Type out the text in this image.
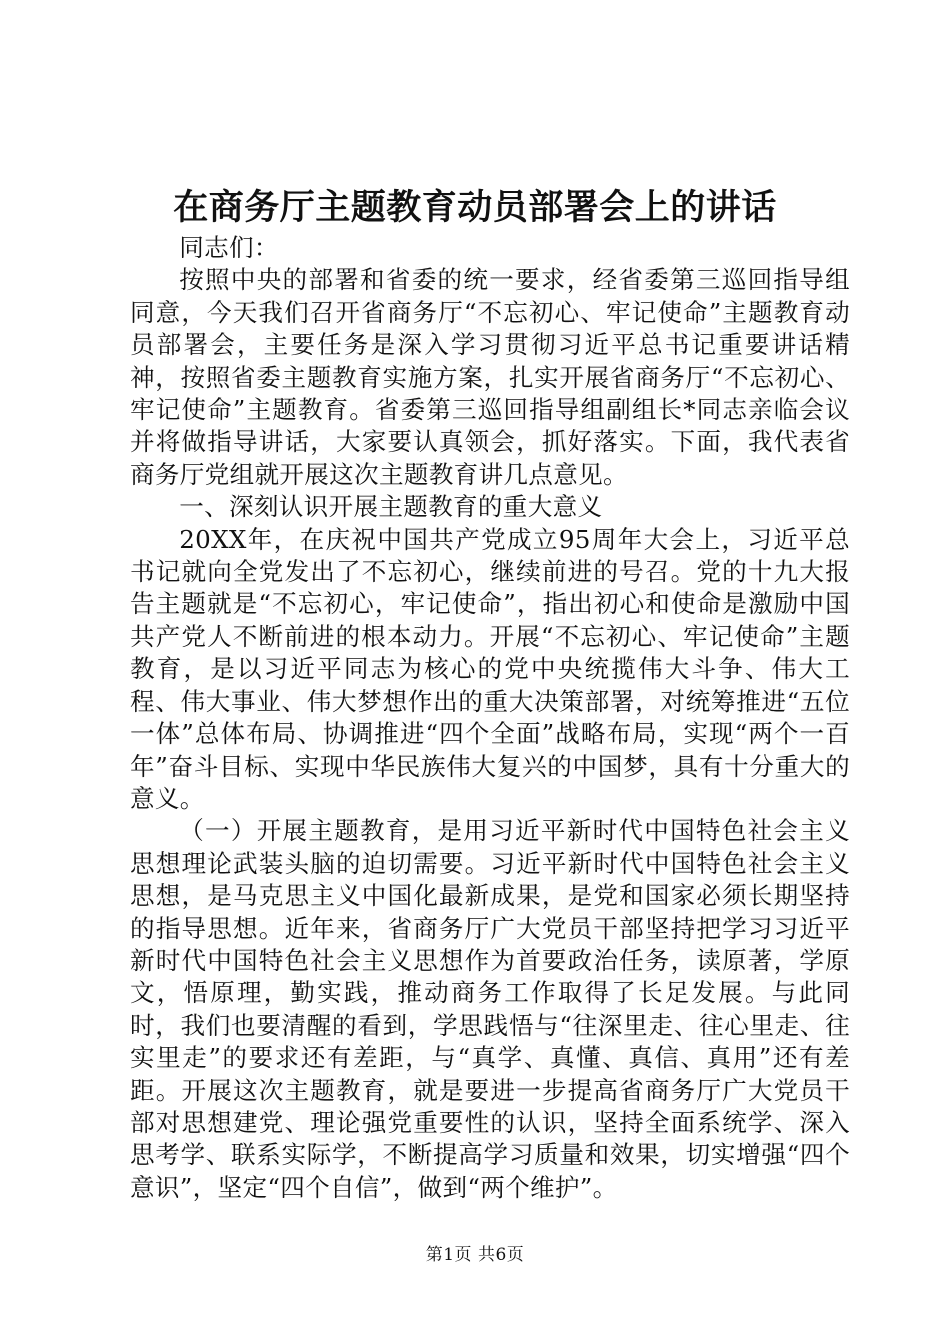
在商务厅主题教育动员部署会上的讲话

同志们：

按照中央的部署和省委的统一要求，经省委第三巡回指导组同意，今天我们召开省商务厅“不忘初心、牢记使命”主题教育动员部署会，主要任务是深入学习贯彻习近平总书记重要讲话精神，按照省委主题教育实施方案，扎实开展省商务厅“不忘初心、牢记使命”主题教育。省委第三巡回指导组副组长*同志亲临会议并将做指导讲话，大家要认真领会，抓好落实。下面，我代表省商务厅党组就开展这次主题教育讲几点意见。

一、深刻认识开展主题教育的重大意义

20XX年，在庆祝中国共产党成立95周年大会上，习近平总书记就向全党发出了不忘初心，继续前进的号召。党的十九大报告主题就是“不忘初心，牢记使命”，指出初心和使命是激励中国共产党人不断前进的根本动力。开展“不忘初心、牢记使命”主题教育，是以习近平同志为核心的党中央统揽伟大斗争、伟大工程、伟大事业、伟大梦想作出的重大决策部署，对统筹推进“五位一体”总体布局、协调推进“四个全面”战略布局，实现“两个一百年”奋斗目标、实现中华民族伟大复兴的中国梦，具有十分重大的意义。

（一）开展主题教育，是用习近平新时代中国特色社会主义思想理论武装头脑的迫切需要。习近平新时代中国特色社会主义思想，是马克思主义中国化最新成果，是党和国家必须长期坚持的指导思想。近年来，省商务厅广大党员干部坚持把学习习近平新时代中国特色社会主义思想作为首要政治任务，读原著，学原文，悟原理，勤实践，推动商务工作取得了长足发展。与此同时，我们也要清醒的看到，学思践悟与“往深里走、往心里走、往实里走”的要求还有差距，与“真学、真懂、真信、真用”还有差距。开展这次主题教育，就是要进一步提高省商务厅广大党员干部对思想建党、理论强党重要性的认识，坚持全面系统学、深入思考学、联系实际学，不断提高学习质量和效果，切实增强“四个意识”，坚定“四个自信”，做到“两个维护”。

第1页 共6页
